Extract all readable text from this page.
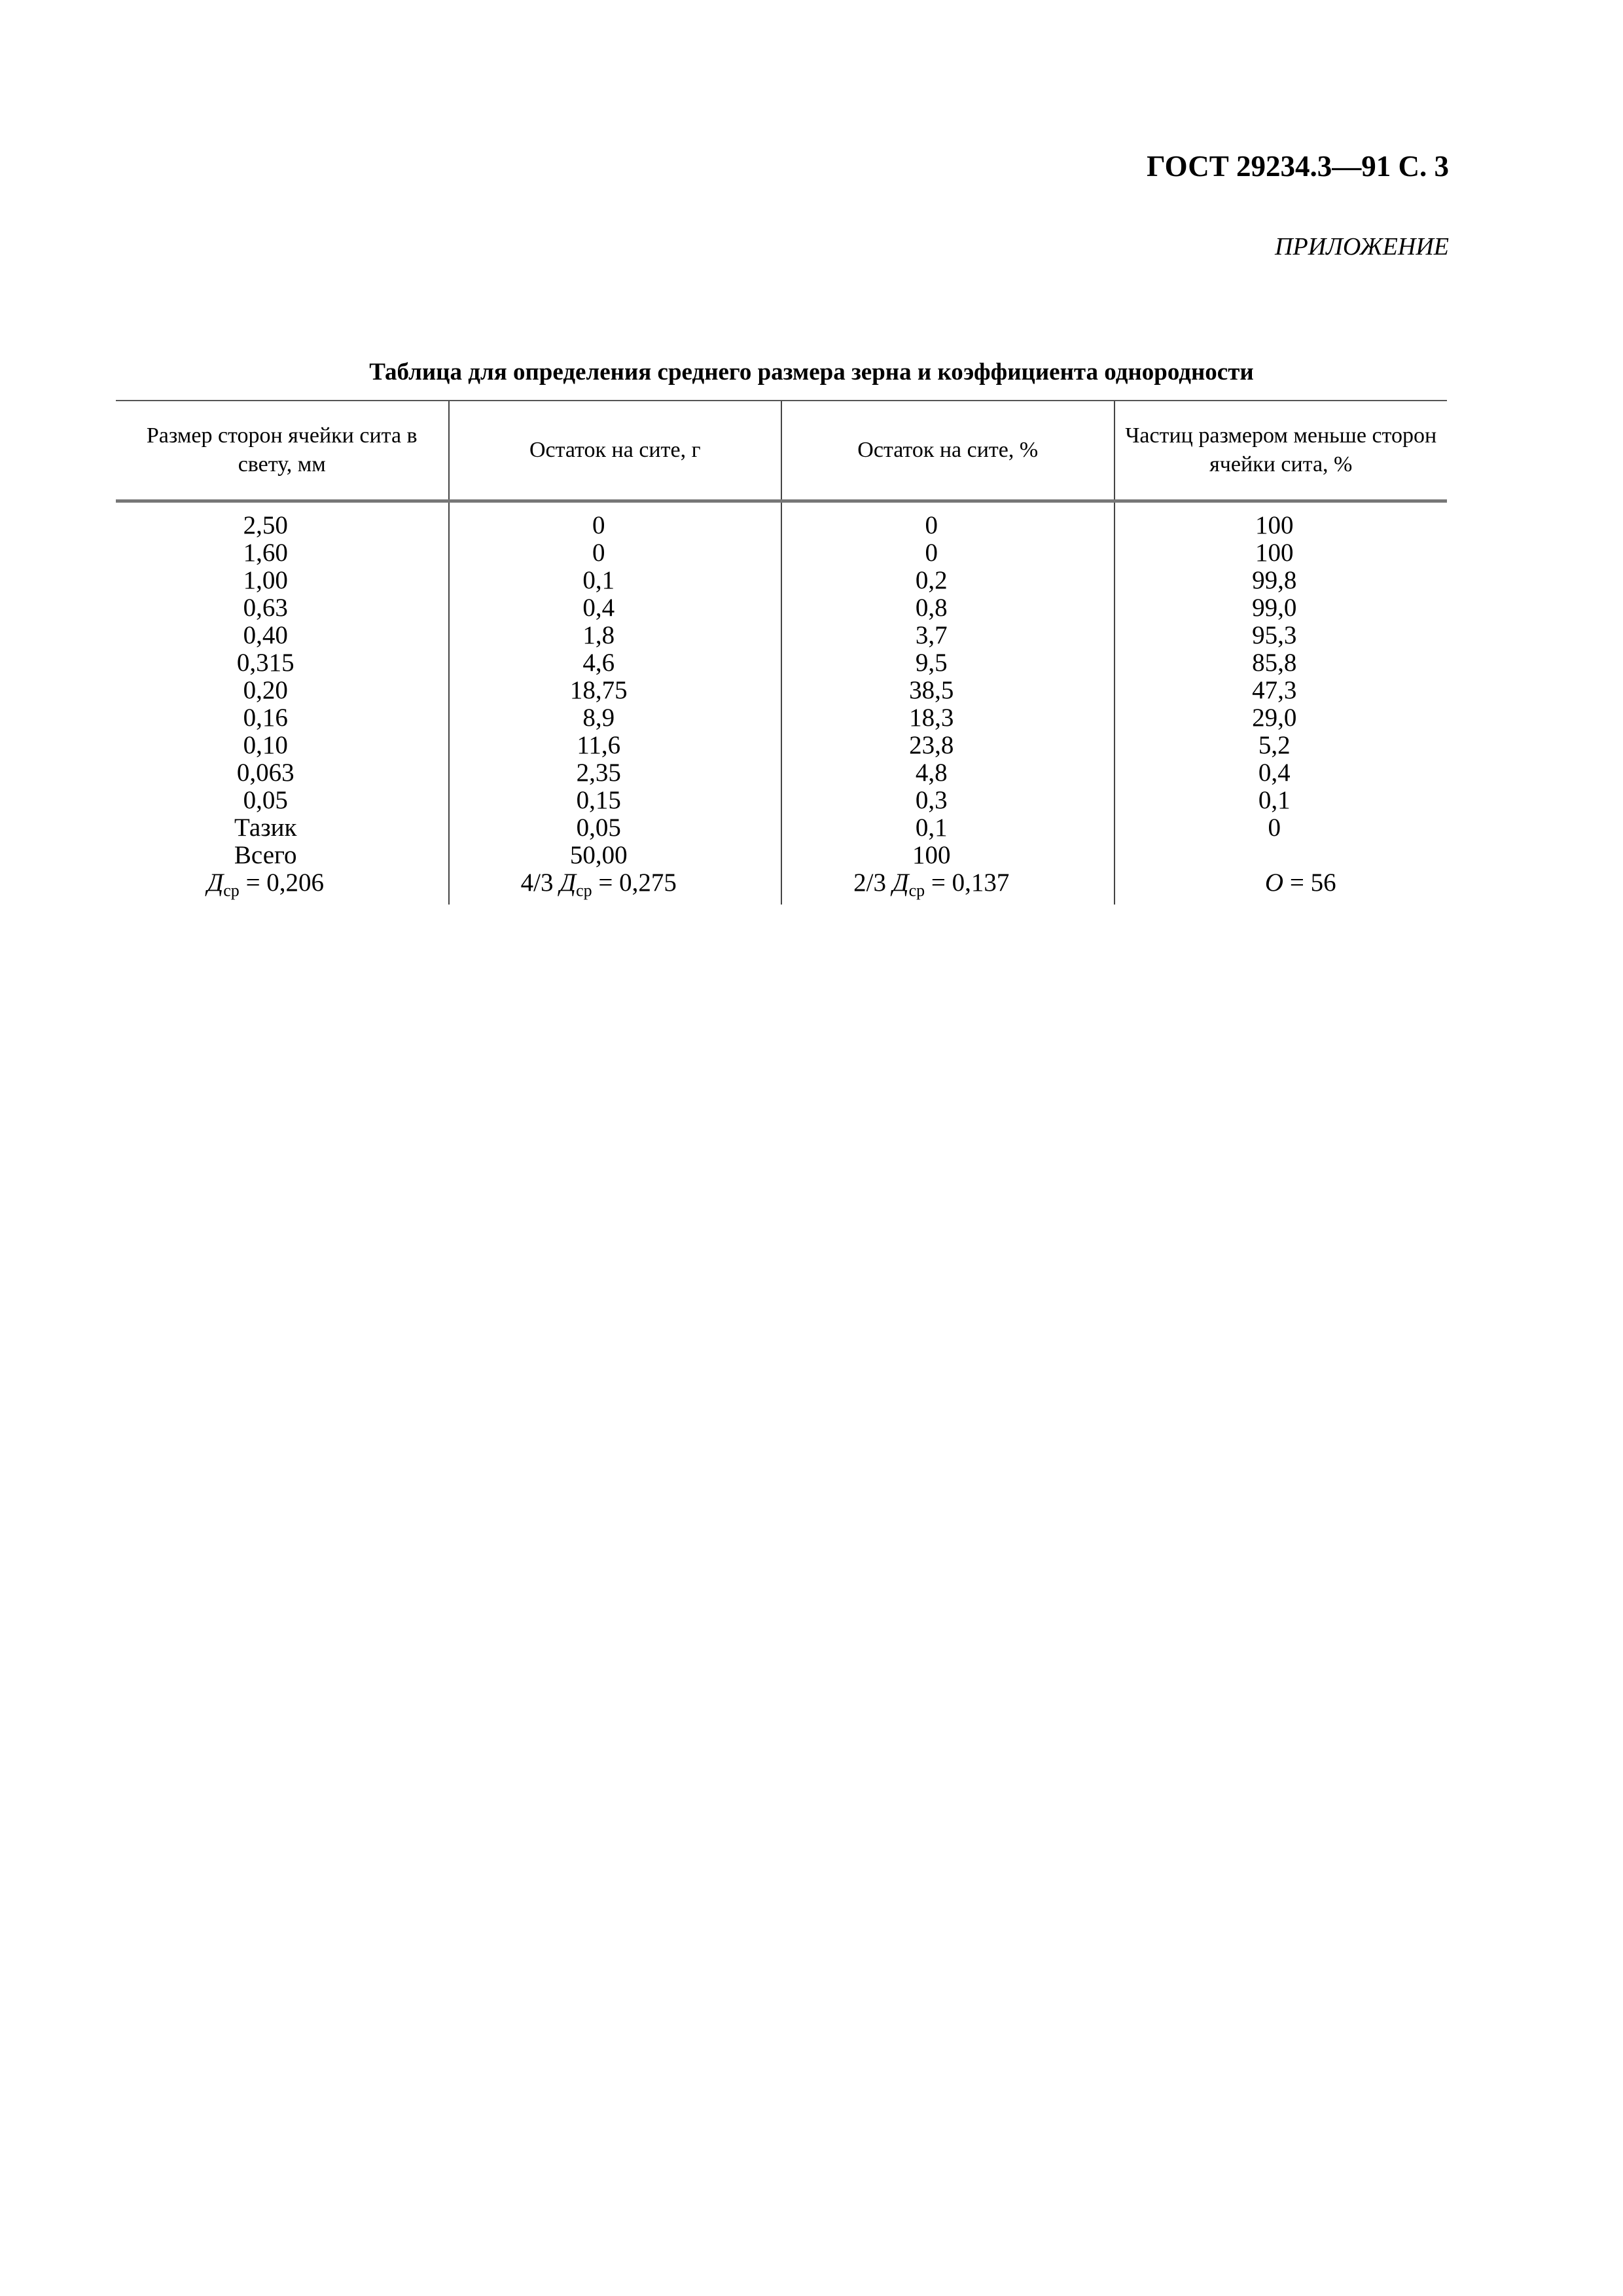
ГОСТ 29234.3—91 С. 3
ПРИЛОЖЕНИЕ
Таблица для определения среднего размера зерна и коэффициента однородности
Размер сторон ячейки сита в свету, мм	Остаток на сите, г	Остаток на сите, %	Частиц размером меньше сторон ячейки сита, %
2,50	0	0	100
1,60	0	0	100
1,00	0,1	0,2	99,8
0,63	0,4	0,8	99,0
0,40	1,8	3,7	95,3
0,315	4,6	9,5	85,8
0,20	18,75	38,5	47,3
0,16	8,9	18,3	29,0
0,10	11,6	23,8	5,2
0,063	2,35	4,8	0,4
0,05	0,15	0,3	0,1
Тазик	0,05	0,1	0
Всего	50,00	100	
$Д_{ср} = 0,206$	4/3 $Д_{ср} = 0,275$	2/3 $Д_{ср} = 0,137$	О = 56
